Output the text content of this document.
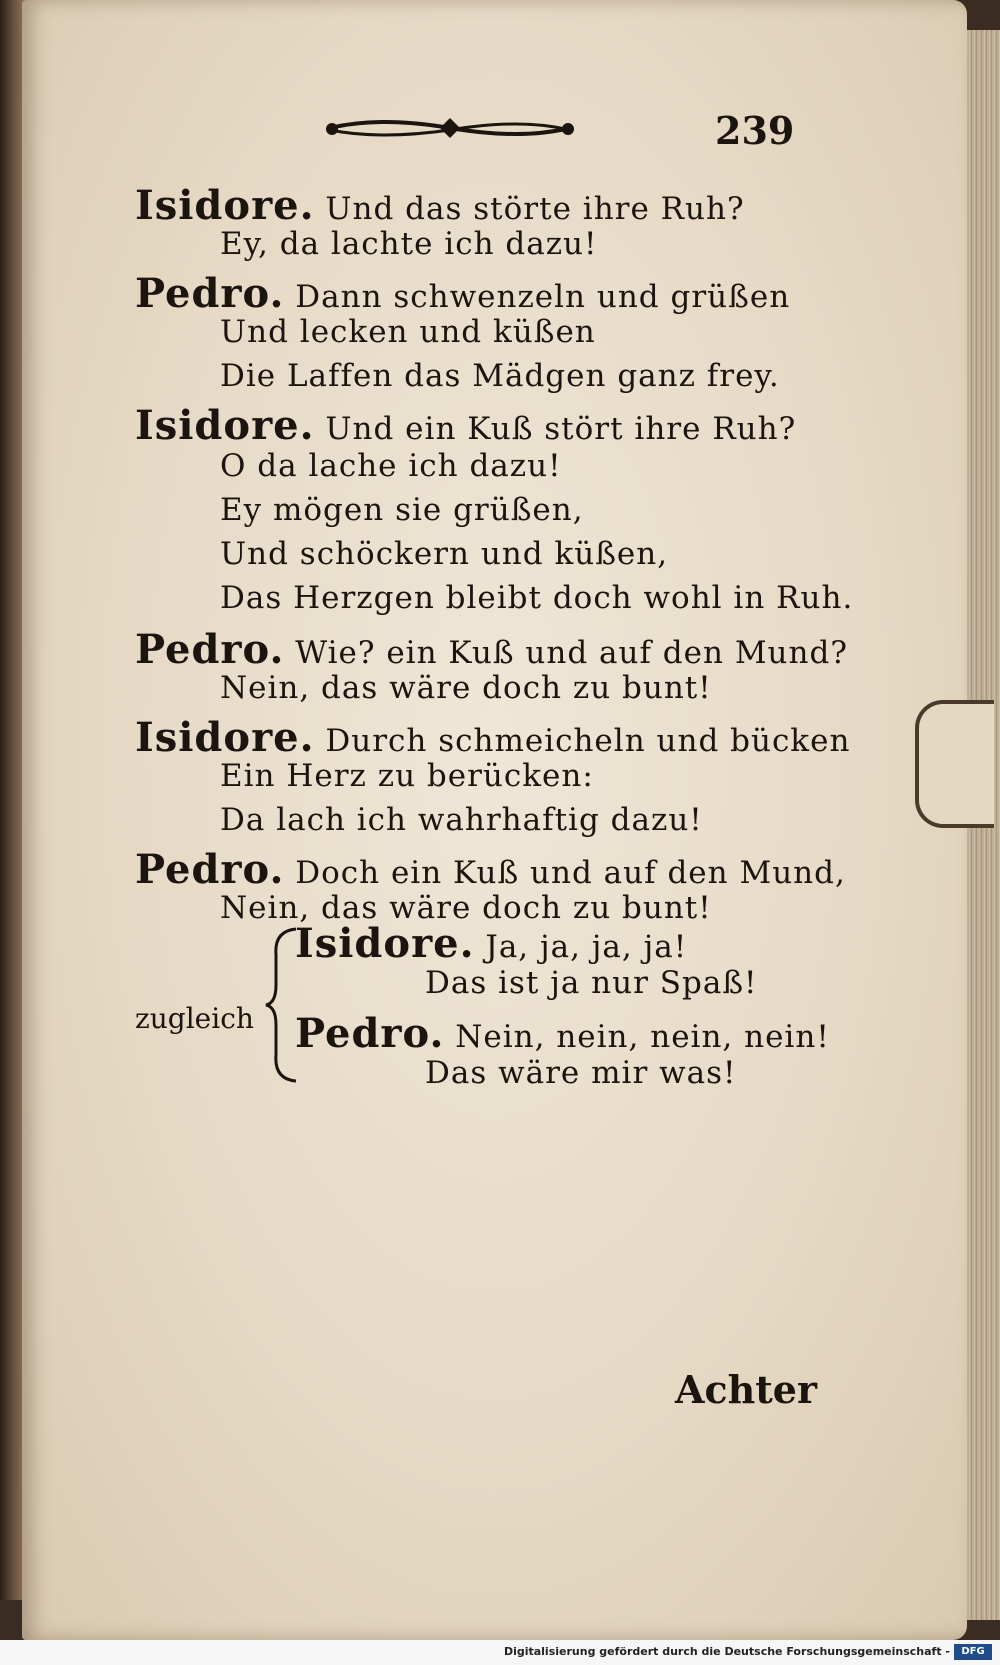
239
Isidore. Und das störte ihre Ruh?
Ey, da lachte ich dazu!
Pedro. Dann schwenzeln und grüßen
Und lecken und küßen
Die Laffen das Mädgen ganz frey.
Isidore. Und ein Kuß stört ihre Ruh?
O da lache ich dazu!
Ey mögen sie grüßen,
Und schöckern und küßen,
Das Herzgen bleibt doch wohl in Ruh.
Pedro. Wie? ein Kuß und auf den Mund?
Nein, das wäre doch zu bunt!
Isidore. Durch schmeicheln und bücken
Ein Herz zu berücken:
Da lach ich wahrhaftig dazu!
Pedro. Doch ein Kuß und auf den Mund,
Nein, das wäre doch zu bunt!
zugleich
Isidore. Ja, ja, ja, ja!
Das ist ja nur Spaß!
Pedro. Nein, nein, nein, nein!
Das wäre mir was!
Achter
Digitalisierung gefördert durch die Deutsche Forschungsgemeinschaft -	DFG
